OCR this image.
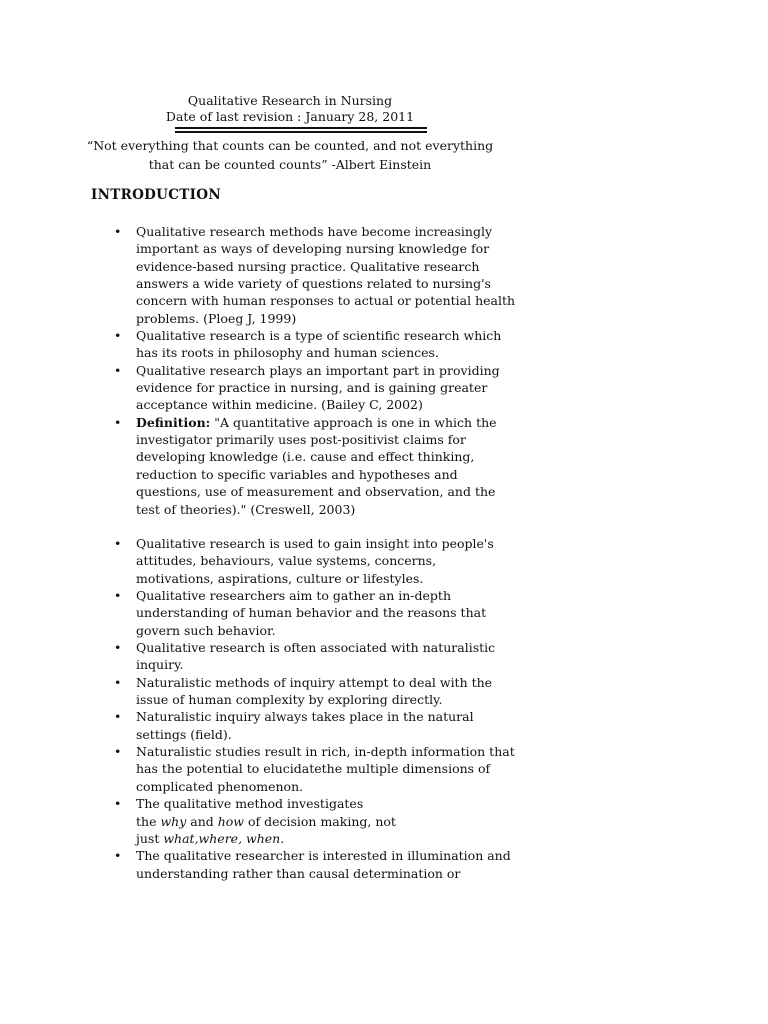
Qualitative Research in Nursing
Date of last revision : January 28, 2011
“Not everything that counts can be counted, and not everything
that can be counted counts” -Albert Einstein
INTRODUCTION
• Qualitative research methods have become increasingly
important as ways of developing nursing knowledge for
evidence-based nursing practice. Qualitative research
answers a wide variety of questions related to nursing's
concern with human responses to actual or potential health
problems. (Ploeg J, 1999)
• Qualitative research is a type of scientific research which
has its roots in philosophy and human sciences.
• Qualitative research plays an important part in providing
evidence for practice in nursing, and is gaining greater
acceptance within medicine. (Bailey C, 2002)
• Definition: "A quantitative approach is one in which the
investigator primarily uses post-positivist claims for
developing knowledge (i.e. cause and effect thinking,
reduction to specific variables and hypotheses and
questions, use of measurement and observation, and the
test of theories)." (Creswell, 2003)
• Qualitative research is used to gain insight into people's
attitudes, behaviours, value systems, concerns,
motivations, aspirations, culture or lifestyles.
• Qualitative researchers aim to gather an in-depth
understanding of human behavior and the reasons that
govern such behavior.
• Qualitative research is often associated with naturalistic
inquiry.
• Naturalistic methods of inquiry attempt to deal with the
issue of human complexity by exploring directly.
• Naturalistic inquiry always takes place in the natural
settings (field).
• Naturalistic studies result in rich, in-depth information that
has the potential to elucidatethe multiple dimensions of
complicated phenomenon.
• The qualitative method investigates
the why and how of decision making, not
just what,where, when.
• The qualitative researcher is interested in illumination and
understanding rather than causal determination or
